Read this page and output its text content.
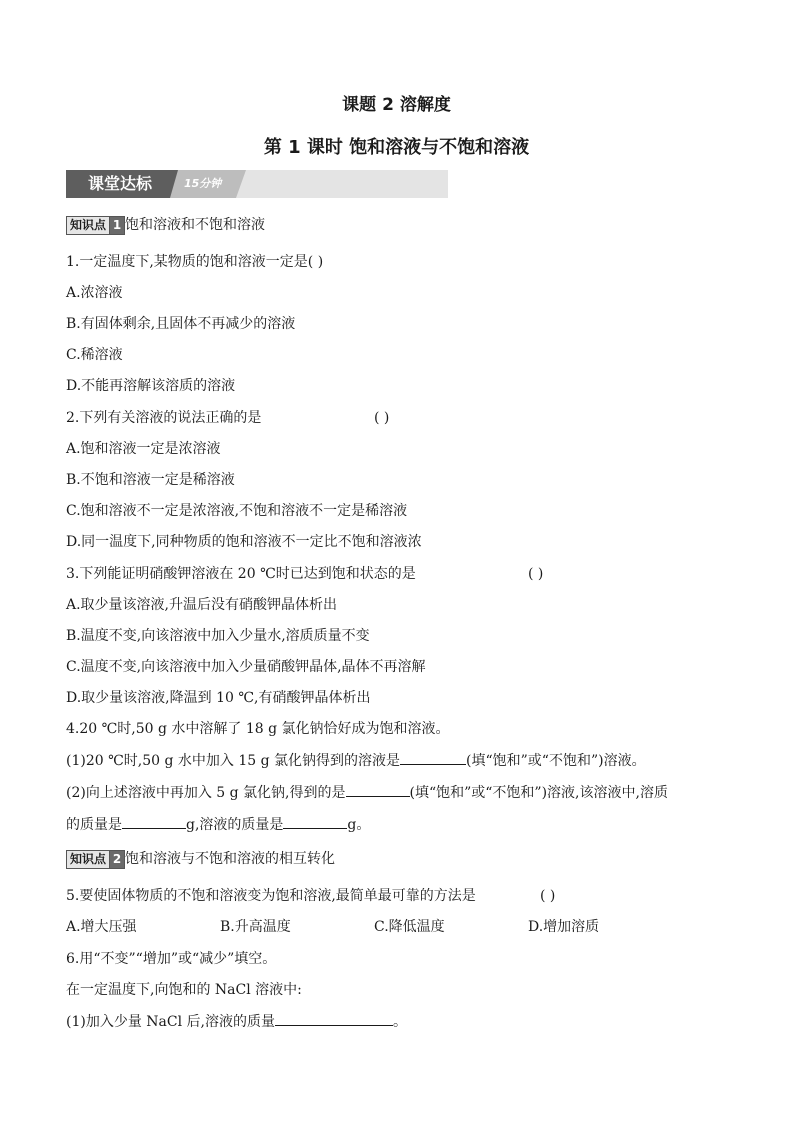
课题 2 溶解度
第 1 课时 饱和溶液与不饱和溶液
课堂达标	15分钟
知识点 1 饱和溶液和不饱和溶液
1.一定温度下,某物质的饱和溶液一定是( )
A.浓溶液
B.有固体剩余,且固体不再减少的溶液
C.稀溶液
D.不能再溶解该溶质的溶液
2.下列有关溶液的说法正确的是	( )
A.饱和溶液一定是浓溶液
B.不饱和溶液一定是稀溶液
C.饱和溶液不一定是浓溶液,不饱和溶液不一定是稀溶液
D.同一温度下,同种物质的饱和溶液不一定比不饱和溶液浓
3.下列能证明硝酸钾溶液在 20 ℃时已达到饱和状态的是	( )
A.取少量该溶液,升温后没有硝酸钾晶体析出
B.温度不变,向该溶液中加入少量水,溶质质量不变
C.温度不变,向该溶液中加入少量硝酸钾晶体,晶体不再溶解
D.取少量该溶液,降温到 10 ℃,有硝酸钾晶体析出
4.20 ℃时,50 g 水中溶解了 18 g 氯化钠恰好成为饱和溶液。
(1)20 ℃时,50 g 水中加入 15 g 氯化钠得到的溶液是	(填“饱和”或“不饱和”)溶液。
(2)向上述溶液中再加入 5 g 氯化钠,得到的是	(填“饱和”或“不饱和”)溶液,该溶液中,溶质
的质量是	g,溶液的质量是	g。
知识点 2 饱和溶液与不饱和溶液的相互转化
5.要使固体物质的不饱和溶液变为饱和溶液,最简单最可靠的方法是	( )
A.增大压强	B.升高温度	C.降低温度	D.增加溶质
6.用“不变”“增加”或“减少”填空。
在一定温度下,向饱和的 NaCl 溶液中:
(1)加入少量 NaCl 后,溶液的质量	。
